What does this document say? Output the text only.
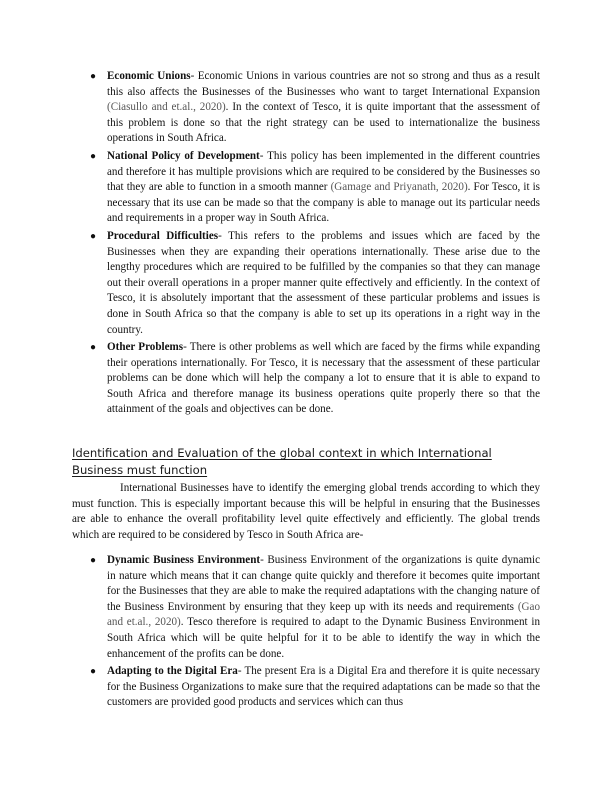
● Economic Unions- Economic Unions in various countries are not so strong and thus as a result this also affects the Businesses of the Businesses who want to target International Expansion (Ciasullo and et.al., 2020). In the context of Tesco, it is quite important that the assessment of this problem is done so that the right strategy can be used to internationalize the business operations in South Africa.
● National Policy of Development- This policy has been implemented in the different countries and therefore it has multiple provisions which are required to be considered by the Businesses so that they are able to function in a smooth manner (Gamage and Priyanath, 2020). For Tesco, it is necessary that its use can be made so that the company is able to manage out its particular needs and requirements in a proper way in South Africa.
● Procedural Difficulties- This refers to the problems and issues which are faced by the Businesses when they are expanding their operations internationally. These arise due to the lengthy procedures which are required to be fulfilled by the companies so that they can manage out their overall operations in a proper manner quite effectively and efficiently. In the context of Tesco, it is absolutely important that the assessment of these particular problems and issues is done in South Africa so that the company is able to set up its operations in a right way in the country.
● Other Problems- There is other problems as well which are faced by the firms while expanding their operations internationally. For Tesco, it is necessary that the assessment of these particular problems can be done which will help the company a lot to ensure that it is able to expand to South Africa and therefore manage its business operations quite properly there so that the attainment of the goals and objectives can be done.
Identification and Evaluation of the global context in which International Business must function
International Businesses have to identify the emerging global trends according to which they must function. This is especially important because this will be helpful in ensuring that the Businesses are able to enhance the overall profitability level quite effectively and efficiently. The global trends which are required to be considered by Tesco in South Africa are-
● Dynamic Business Environment- Business Environment of the organizations is quite dynamic in nature which means that it can change quite quickly and therefore it becomes quite important for the Businesses that they are able to make the required adaptations with the changing nature of the Business Environment by ensuring that they keep up with its needs and requirements (Gao and et.al., 2020). Tesco therefore is required to adapt to the Dynamic Business Environment in South Africa which will be quite helpful for it to be able to identify the way in which the enhancement of the profits can be done.
● Adapting to the Digital Era- The present Era is a Digital Era and therefore it is quite necessary for the Business Organizations to make sure that the required adaptations can be made so that the customers are provided good products and services which can thus
